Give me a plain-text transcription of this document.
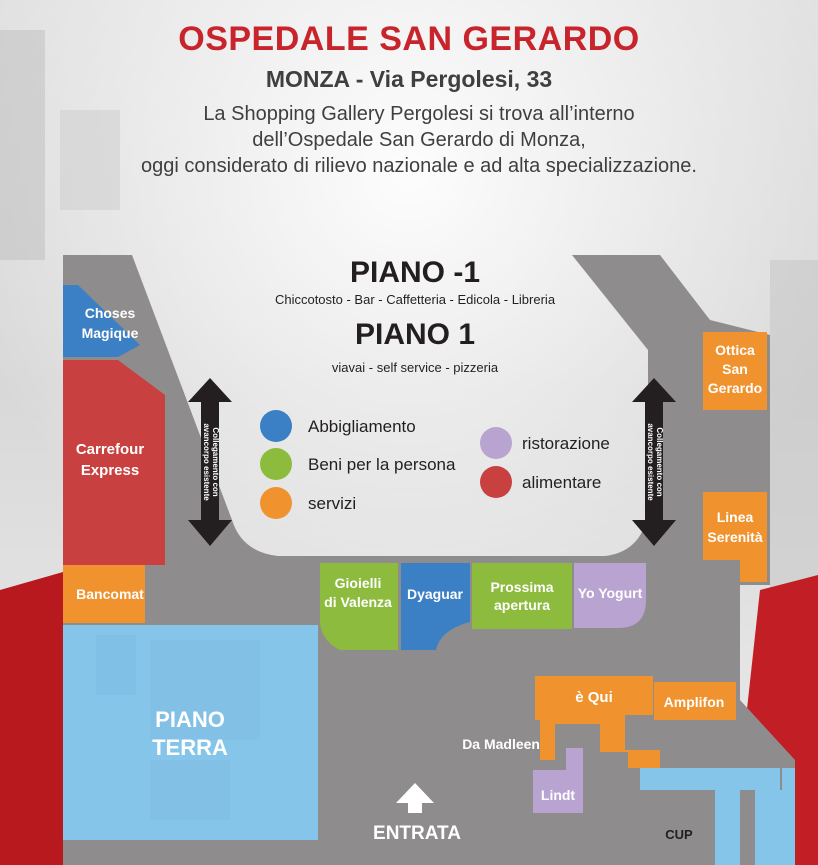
OSPEDALE SAN GERARDO
MONZA - Via Pergolesi, 33
La Shopping Gallery Pergolesi si trova all’interno
dell’Ospedale San Gerardo di Monza,
oggi considerato di rilievo nazionale e ad alta specializzazione.
PIANO -1
Chiccotosto - Bar - Caffetteria - Edicola - Libreria
PIANO 1
viavai - self service - pizzeria
PIANO
TERRA
Collegamento con
avancorpo esistente	Collegamento con
avancorpo esistente
Abbigliamento
Beni per la persona
servizi
ristorazione
alimentare
Choses
Magique
Carrefour
Express
Bancomat
Gioielli
di Valenza Dyaguar Prossima
apertura
Yo Yogurt
Ottica
San
Gerardo
Linea
Serenità
è Qui	Amplifon
Da Madleen
Lindt
CUP
ENTRATA
